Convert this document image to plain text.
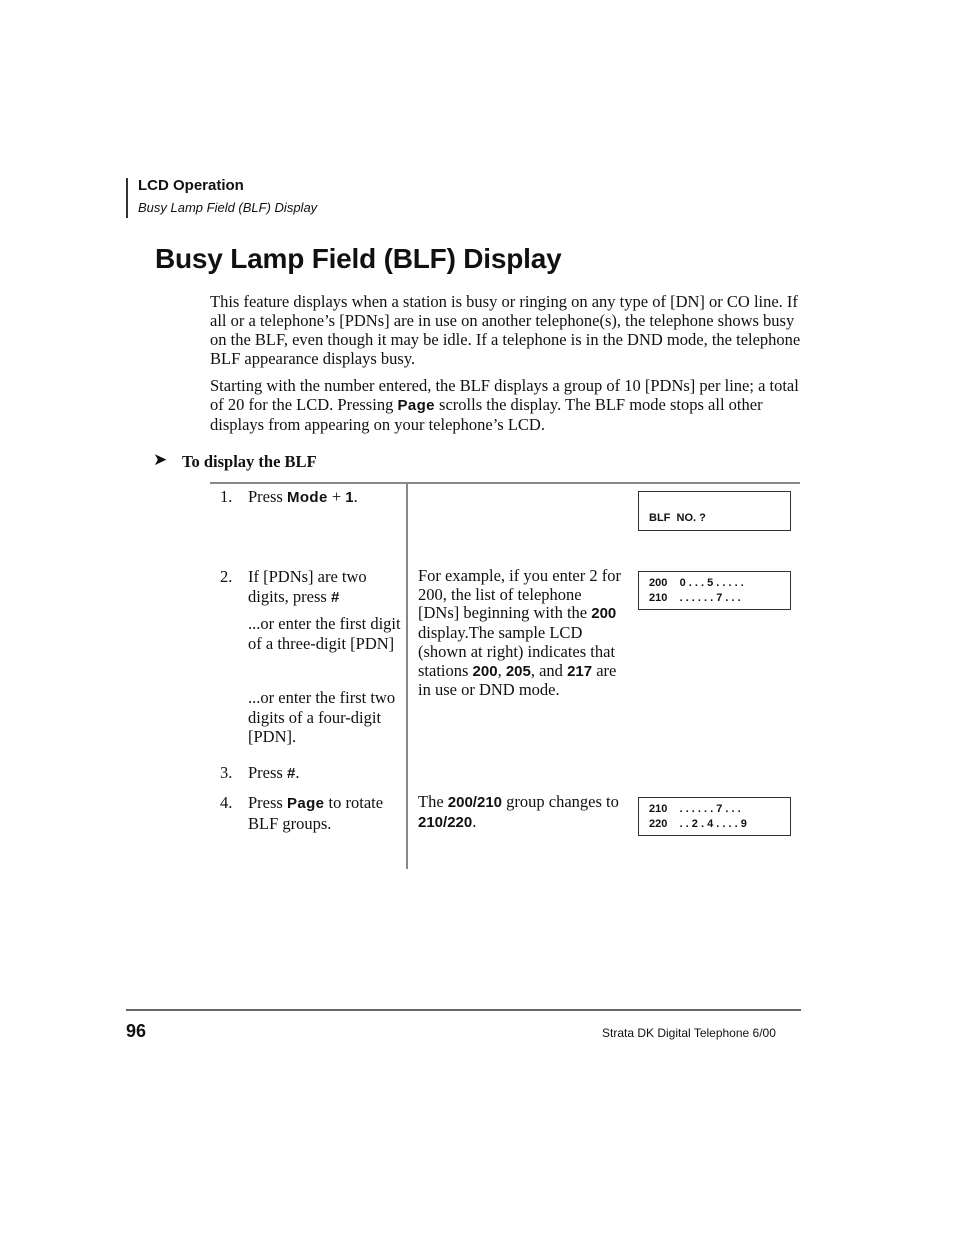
LCD Operation
Busy Lamp Field (BLF) Display
Busy Lamp Field (BLF) Display

This feature displays when a station is busy or ringing on any type of [DN] or CO line. If all or a telephone’s [PDNs] are in use on another telephone(s), the telephone shows busy on the BLF, even though it may be idle. If a telephone is in the DND mode, the telephone BLF appearance displays busy.

Starting with the number entered, the BLF displays a group of 10 [PDNs] per line; a total of 20 for the LCD. Pressing Page scrolls the display. The BLF mode stops all other displays from appearing on your telephone’s LCD.

➤ To display the BLF
1. Press Mode + 1.

BLF  NO. ?
2. If [PDNs] are two digits, press #

...or enter the first digit of a three-digit [PDN]

...or enter the first two digits of a four-digit [PDN].

For example, if you enter 2 for 200, the list of telephone [DNs] beginning with the 200 display.The sample LCD (shown at right) indicates that stations 200, 205, and 217 are in use or DND mode.

200    0 . . . 5 . . . . .
210    . . . . . . 7 . . .
3. Press #.

4. Press Page to rotate BLF groups.

The 200/210 group changes to 210/220.

210    . . . . . . 7 . . .
220    . . 2 . 4 . . . . 9
96	Strata DK Digital Telephone 6/00
